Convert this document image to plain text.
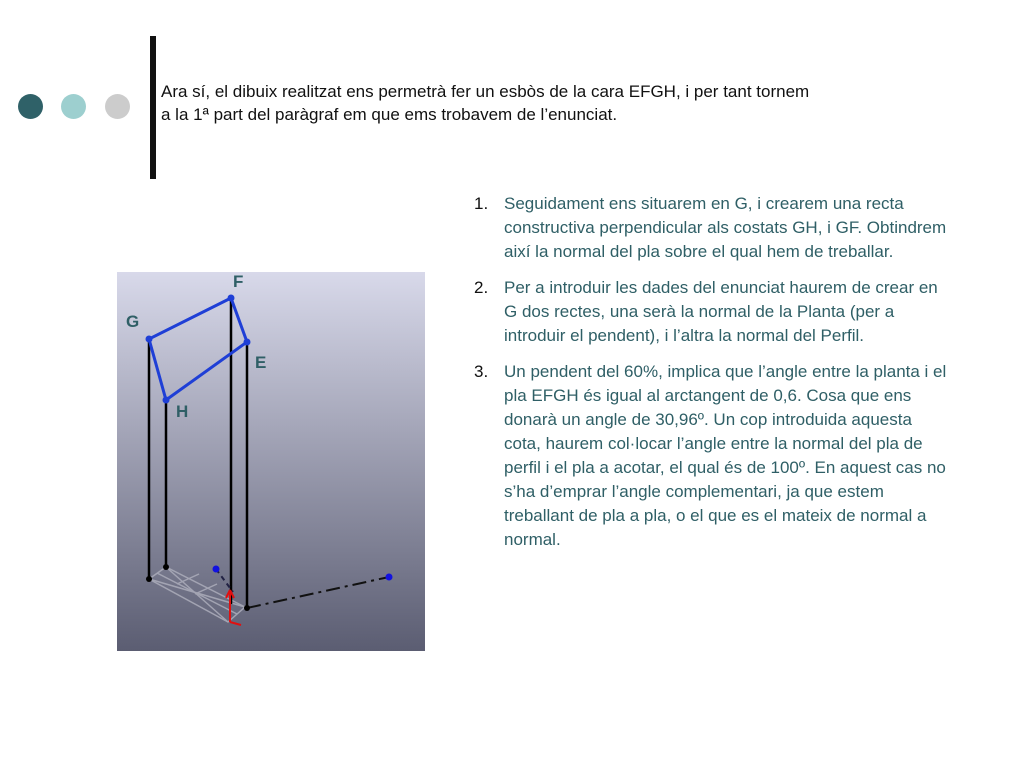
Ara sí, el dibuix realitzat ens permetrà fer un esbòs de la cara EFGH, i per tant tornem
a la 1ª part del paràgraf em que ems trobavem de l’enunciat.

F
G
E
H
1. Seguidament ens situarem en G, i crearem una recta constructiva perpendicular als costats GH, i GF. Obtindrem així la normal del pla sobre el qual hem de treballar.
2. Per a introduir les dades del enunciat haurem de crear en G dos rectes, una serà la normal de la Planta (per a introduir el pendent), i l’altra la normal del Perfil.
3. Un pendent del 60%, implica que l’angle entre la planta i el pla EFGH és igual al arctangent de 0,6. Cosa que ens donarà un angle de 30,96º. Un cop introduida aquesta cota, haurem col·locar l’angle entre la normal del pla de perfil i el pla a acotar, el qual és de 100º. En aquest cas no s’ha d’emprar l’angle complementari, ja que estem treballant de pla a pla, o el que es el mateix de normal a normal.
